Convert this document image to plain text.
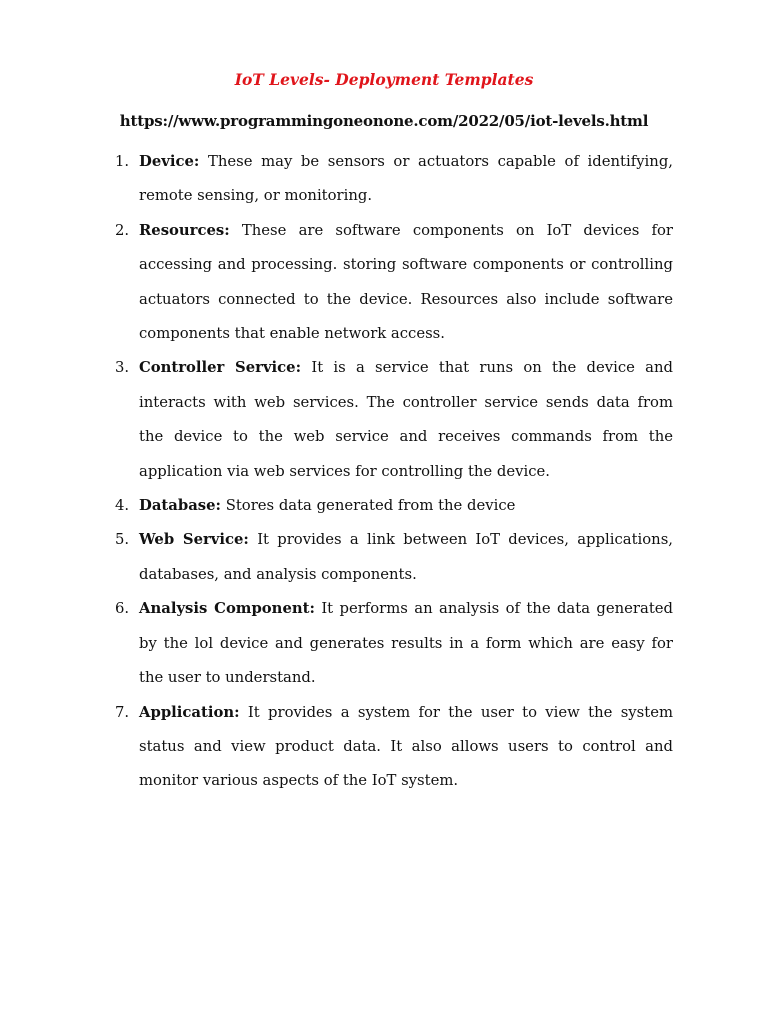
IoT Levels- Deployment Templates

https://www.programmingoneonone.com/2022/05/iot-levels.html

1. Device: These may be sensors or actuators capable of identifying, remote sensing, or monitoring.
2. Resources: These are software components on IoT devices for accessing and processing. storing software components or controlling actuators connected to the device. Resources also include software components that enable network access.
3. Controller Service: It is a service that runs on the device and interacts with web services. The controller service sends data from the device to the web service and receives commands from the application via web services for controlling the device.
4. Database: Stores data generated from the device
5. Web Service: It provides a link between IoT devices, applications, databases, and analysis components.
6. Analysis Component: It performs an analysis of the data generated by the lol device and generates results in a form which are easy for the user to understand.
7. Application: It provides a system for the user to view the system status and view product data. It also allows users to control and monitor various aspects of the IoT system.
